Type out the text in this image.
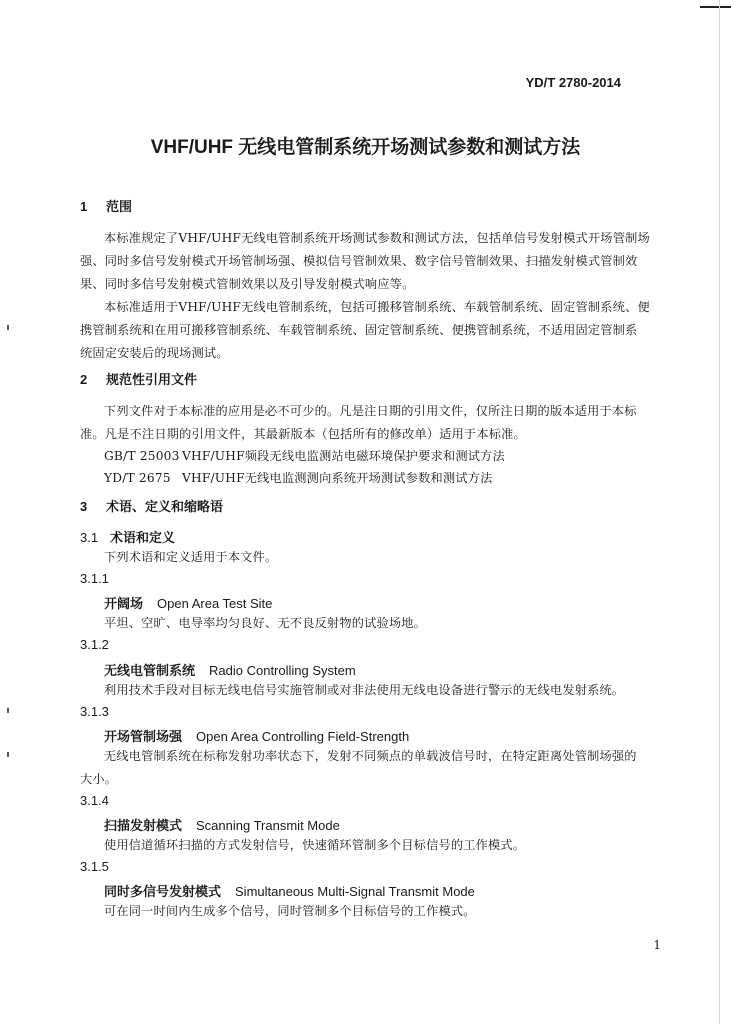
YD/T 2780-2014
VHF/UHF 无线电管制系统开场测试参数和测试方法
1 范围
本标准规定了VHF/UHF无线电管制系统开场测试参数和测试方法，包括单信号发射模式开场管制场
强、同时多信号发射模式开场管制场强、模拟信号管制效果、数字信号管制效果、扫描发射模式管制效
果、同时多信号发射模式管制效果以及引导发射模式响应等。
本标准适用于VHF/UHF无线电管制系统，包括可搬移管制系统、车载管制系统、固定管制系统、便
携管制系统和在用可搬移管制系统、车载管制系统、固定管制系统、便携管制系统，不适用固定管制系
统固定安装后的现场测试。
2 规范性引用文件
下列文件对于本标准的应用是必不可少的。凡是注日期的引用文件，仅所注日期的版本适用于本标
准。凡是不注日期的引用文件，其最新版本（包括所有的修改单）适用于本标准。
GB/T 25003 VHF/UHF频段无线电监测站电磁环境保护要求和测试方法
YD/T 2675 VHF/UHF无线电监测测向系统开场测试参数和测试方法
3 术语、定义和缩略语
3.1 术语和定义
下列术语和定义适用于本文件。
3.1.1
开阔场 Open Area Test Site
平坦、空旷、电导率均匀良好、无不良反射物的试验场地。
3.1.2
无线电管制系统 Radio Controlling System
利用技术手段对目标无线电信号实施管制或对非法使用无线电设备进行警示的无线电发射系统。
3.1.3
开场管制场强 Open Area Controlling Field-Strength
无线电管制系统在标称发射功率状态下，发射不同频点的单载波信号时，在特定距离处管制场强的
大小。
3.1.4
扫描发射模式 Scanning Transmit Mode
使用信道循环扫描的方式发射信号，快速循环管制多个目标信号的工作模式。
3.1.5
同时多信号发射模式 Simultaneous Multi-Signal Transmit Mode
可在同一时间内生成多个信号，同时管制多个目标信号的工作模式。
1
